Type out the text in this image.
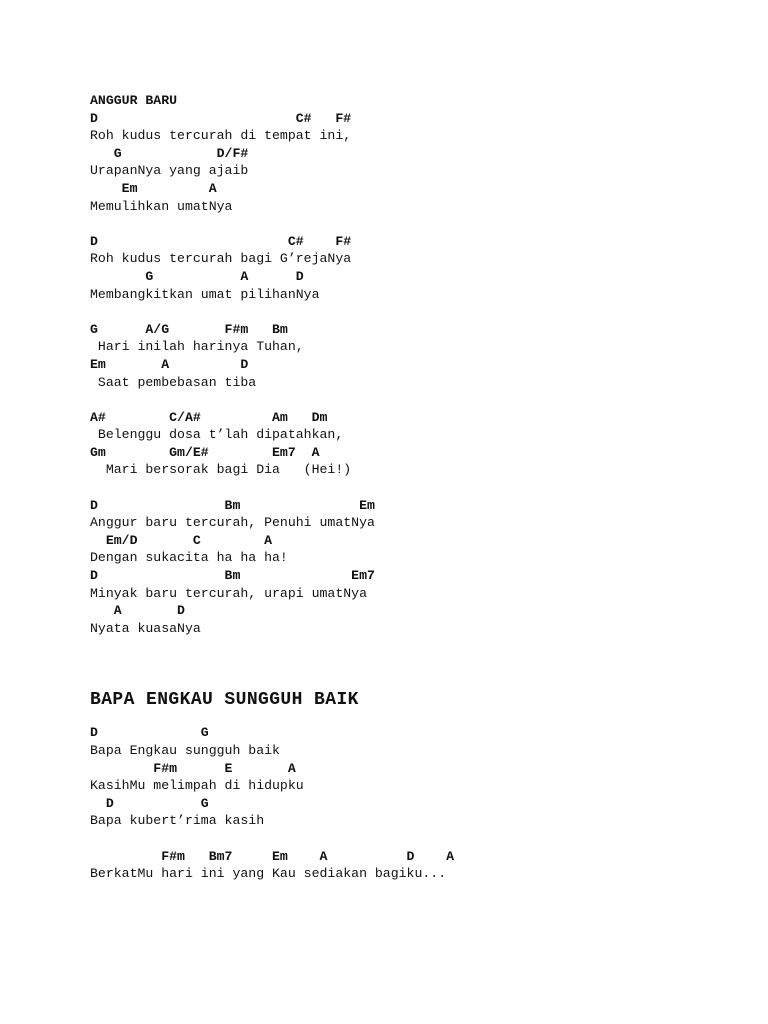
ANGGUR BARU
D                         C#   F#
Roh kudus tercurah di tempat ini,
G            D/F#
UrapanNya yang ajaib
Em         A
Memulihkan umatNya
D                        C#    F#
Roh kudus tercurah bagi G’rejaNya
G           A      D
Membangkitkan umat pilihanNya
G      A/G       F#m   Bm
Hari inilah harinya Tuhan,
Em       A         D
Saat pembebasan tiba
A#        C/A#         Am   Dm
Belenggu dosa t’lah dipatahkan,
Gm        Gm/E#        Em7  A
Mari bersorak bagi Dia   (Hei!)
D                Bm               Em
Anggur baru tercurah, Penuhi umatNya
Em/D       C        A
Dengan sukacita ha ha ha!
D                Bm              Em7
Minyak baru tercurah, urapi umatNya
A       D
Nyata kuasaNya
BAPA ENGKAU SUNGGUH BAIK
D             G
Bapa Engkau sungguh baik
F#m      E       A
KasihMu melimpah di hidupku
D           G
Bapa kubert’rima kasih
F#m   Bm7     Em    A          D    A
BerkatMu hari ini yang Kau sediakan bagiku...
